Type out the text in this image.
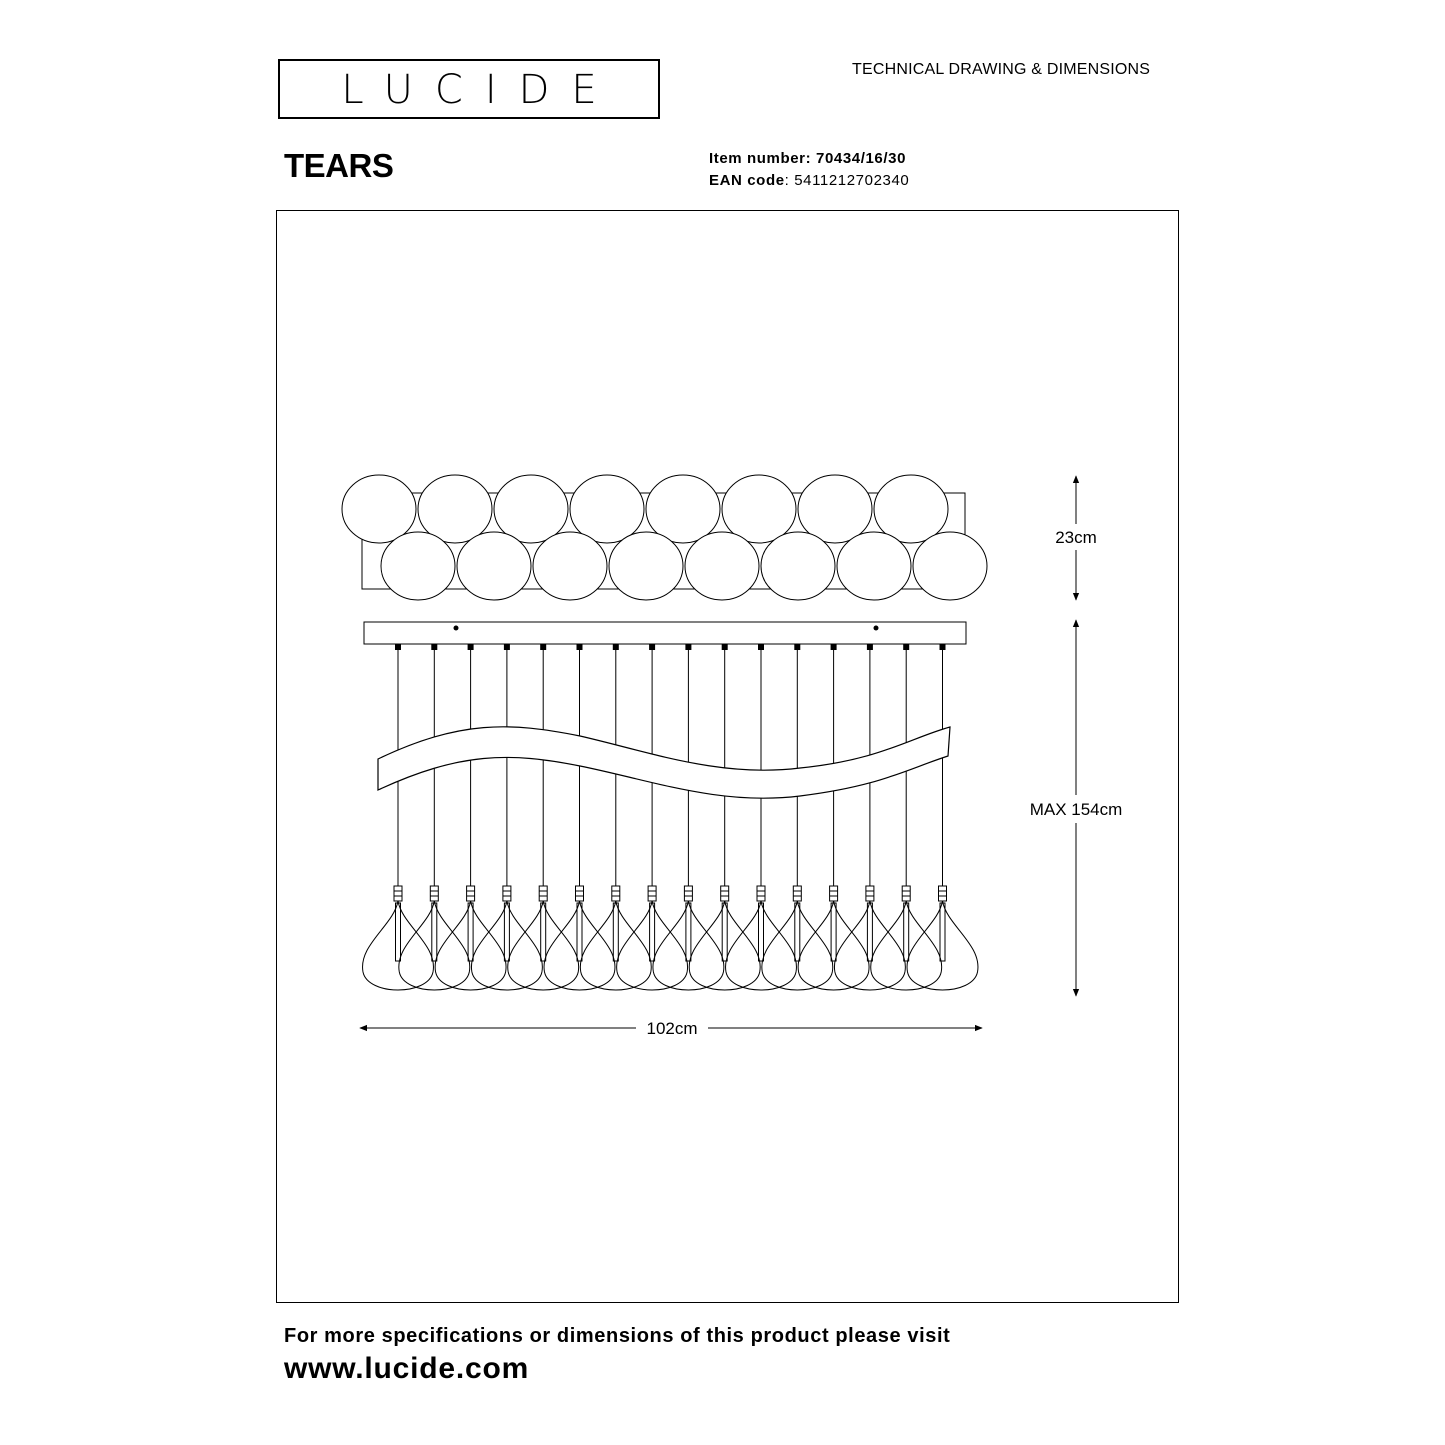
LUCIDE	TECHNICAL DRAWING & DIMENSIONS
TEARS	Item number: 70434/16/30
EAN code: 5411212702340
23cm
MAX 154cm
102cm
For more specifications or dimensions of this product please visit
www.lucide.com
